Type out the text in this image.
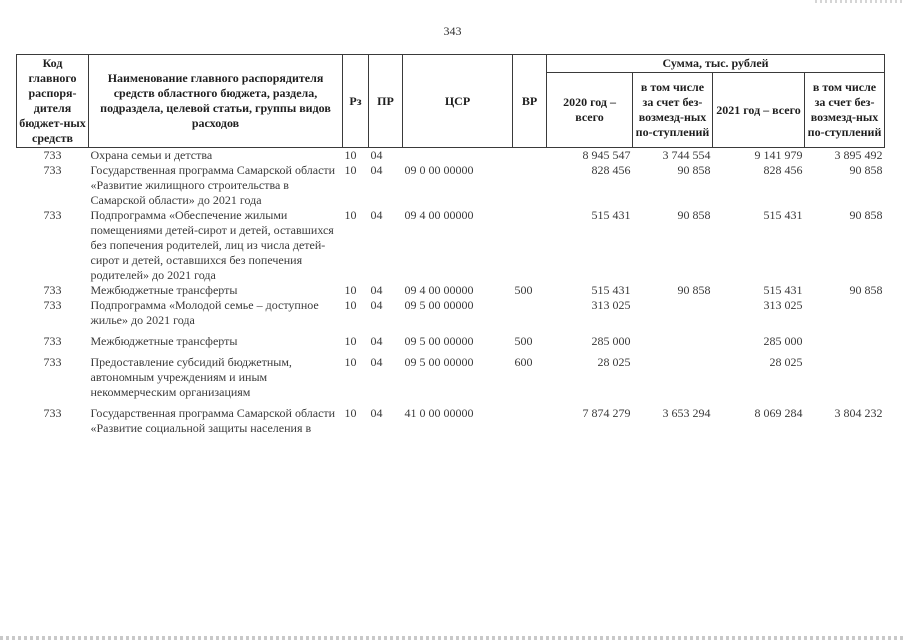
343
Код главного распоря-дителя бюджет-ных средств	Наименование главного распорядителя средств областного бюджета, раздела, подраздела, целевой статьи, группы видов расходов	Рз	ПР	ЦСР	ВР	Сумма, тыс. рублей			
						2020 год – всего	в том числе за счет без-возмезд-ных по-ступлений	2021 год – всего	в том числе за счет без-возмезд-ных по-ступлений
733	Охрана семьи и детства	10	04			8 945 547	3 744 554	9 141 979	3 895 492
733	Государственная программа Самарской области «Развитие жилищного строительства в Самарской области» до 2021 года	10	04	09 0 00 00000		828 456	90 858	828 456	90 858
733	Подпрограмма «Обеспечение жилыми помещениями детей-сирот и детей, оставшихся без попечения родителей, лиц из числа детей-сирот и детей, оставшихся без попечения родителей» до 2021 года	10	04	09 4 00 00000		515 431	90 858	515 431	90 858
733	Межбюджетные трансферты	10	04	09 4 00 00000	500	515 431	90 858	515 431	90 858
733	Подпрограмма «Молодой семье – доступное жилье» до 2021 года	10	04	09 5 00 00000		313 025		313 025	
733	Межбюджетные трансферты	10	04	09 5 00 00000	500	285 000		285 000	
733	Предоставление субсидий бюджетным, автономным учреждениям и иным некоммерческим организациям	10	04	09 5 00 00000	600	28 025		28 025	
733	Государственная программа Самарской области «Развитие социальной защиты населения в	10	04	41 0 00 00000		7 874 279	3 653 294	8 069 284	3 804 232
